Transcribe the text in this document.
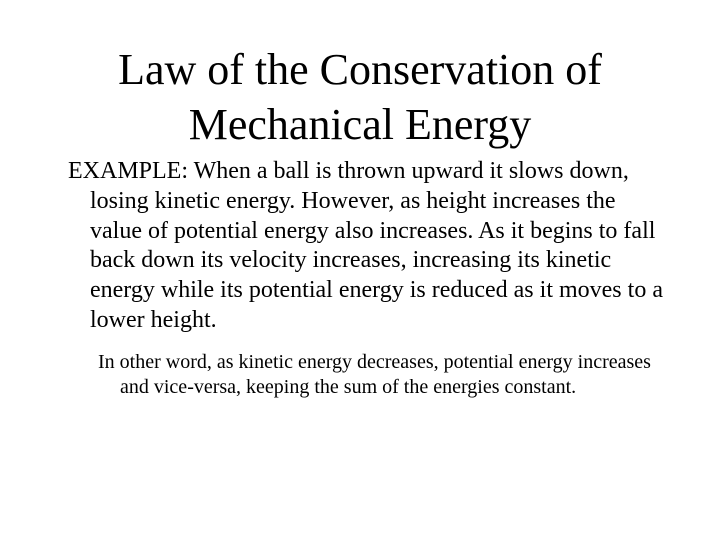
Law of the Conservation of
Mechanical Energy

EXAMPLE: When a ball is thrown upward it slows down, losing kinetic energy. However, as height increases the value of potential energy also increases. As it begins to fall back down its velocity increases, increasing its kinetic energy while its potential energy is reduced as it moves to a lower height.

In other word, as kinetic energy decreases, potential energy increases and vice-versa, keeping the sum of the energies constant.
